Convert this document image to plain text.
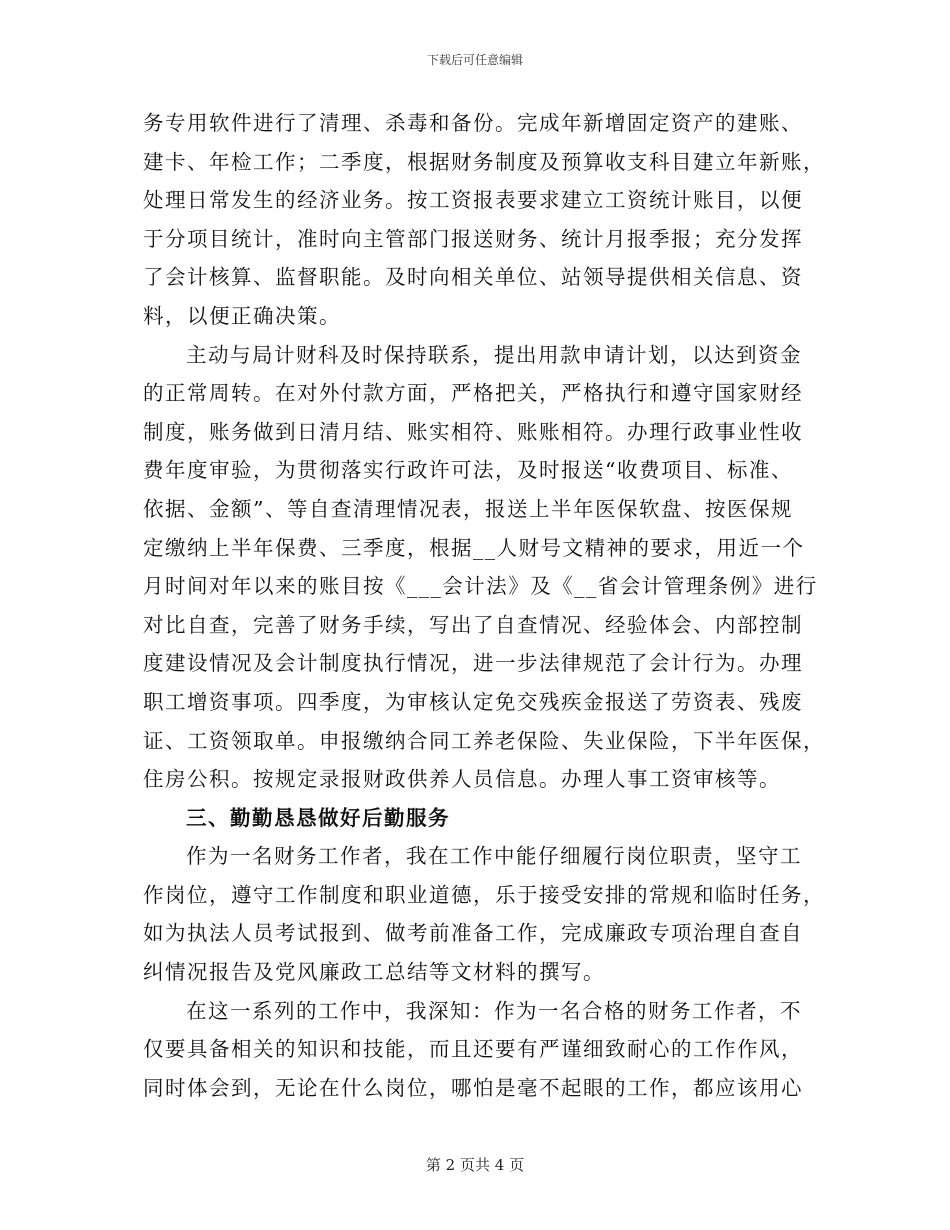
下载后可任意编辑
务专用软件进行了清理、杀毒和备份。完成年新增固定资产的建账、
建卡、年检工作；二季度，根据财务制度及预算收支科目建立年新账，
处理日常发生的经济业务。按工资报表要求建立工资统计账目，以便
于分项目统计，准时向主管部门报送财务、统计月报季报；充分发挥
了会计核算、监督职能。及时向相关单位、站领导提供相关信息、资
料，以便正确决策。
主动与局计财科及时保持联系，提出用款申请计划，以达到资金
的正常周转。在对外付款方面，严格把关，严格执行和遵守国家财经
制度，账务做到日清月结、账实相符、账账相符。办理行政事业性收
费年度审验，为贯彻落实行政许可法，及时报送“收费项目、标准、
依据、金额”、等自查清理情况表，报送上半年医保软盘、按医保规
定缴纳上半年保费、三季度，根据__人财号文精神的要求，用近一个
月时间对年以来的账目按《___会计法》及《__省会计管理条例》进行
对比自查，完善了财务手续，写出了自查情况、经验体会、内部控制
度建设情况及会计制度执行情况，进一步法律规范了会计行为。办理
职工增资事项。四季度，为审核认定免交残疾金报送了劳资表、残废
证、工资领取单。申报缴纳合同工养老保险、失业保险，下半年医保，
住房公积。按规定录报财政供养人员信息。办理人事工资审核等。
三、勤勤恳恳做好后勤服务
作为一名财务工作者，我在工作中能仔细履行岗位职责，坚守工
作岗位，遵守工作制度和职业道德，乐于接受安排的常规和临时任务，
如为执法人员考试报到、做考前准备工作，完成廉政专项治理自查自
纠情况报告及党风廉政工总结等文材料的撰写。
在这一系列的工作中，我深知：作为一名合格的财务工作者，不
仅要具备相关的知识和技能，而且还要有严谨细致耐心的工作作风，
同时体会到，无论在什么岗位，哪怕是毫不起眼的工作，都应该用心
第 2 页共 4 页
